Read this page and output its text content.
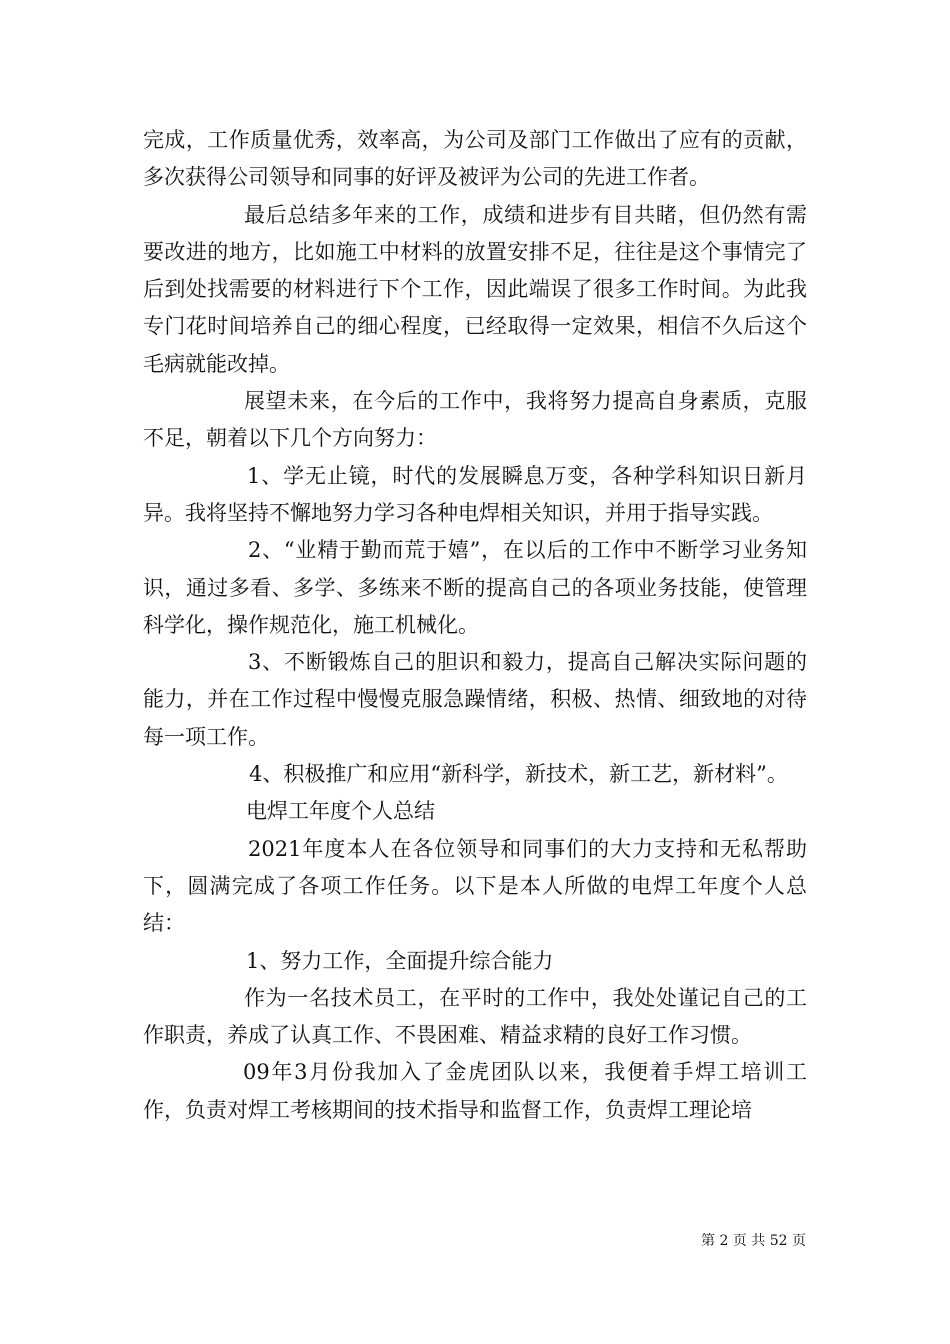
完成，工作质量优秀，效率高，为公司及部门工作做出了应有的贡献，多次获得公司领导和同事的好评及被评为公司的先进工作者。

最后总结多年来的工作，成绩和进步有目共睹，但仍然有需要改进的地方，比如施工中材料的放置安排不足，往往是这个事情完了后到处找需要的材料进行下个工作，因此端误了很多工作时间。为此我专门花时间培养自己的细心程度，已经取得一定效果，相信不久后这个毛病就能改掉。

展望未来，在今后的工作中，我将努力提高自身素质，克服不足，朝着以下几个方向努力：

1、学无止镜，时代的发展瞬息万变，各种学科知识日新月异。我将坚持不懈地努力学习各种电焊相关知识，并用于指导实践。

2、“业精于勤而荒于嬉”，在以后的工作中不断学习业务知识，通过多看、多学、多练来不断的提高自己的各项业务技能，使管理科学化，操作规范化，施工机械化。

3、不断锻炼自己的胆识和毅力，提高自己解决实际问题的能力，并在工作过程中慢慢克服急躁情绪，积极、热情、细致地的对待每一项工作。

4、积极推广和应用“新科学，新技术，新工艺，新材料”。

电焊工年度个人总结

2021年度本人在各位领导和同事们的大力支持和无私帮助下，圆满完成了各项工作任务。以下是本人所做的电焊工年度个人总结：

1、努力工作，全面提升综合能力

作为一名技术员工，在平时的工作中，我处处谨记自己的工作职责，养成了认真工作、不畏困难、精益求精的良好工作习惯。

09年3月份我加入了金虎团队以来，我便着手焊工培训工作，负责对焊工考核期间的技术指导和监督工作，负责焊工理论培

第 2 页 共 52 页
